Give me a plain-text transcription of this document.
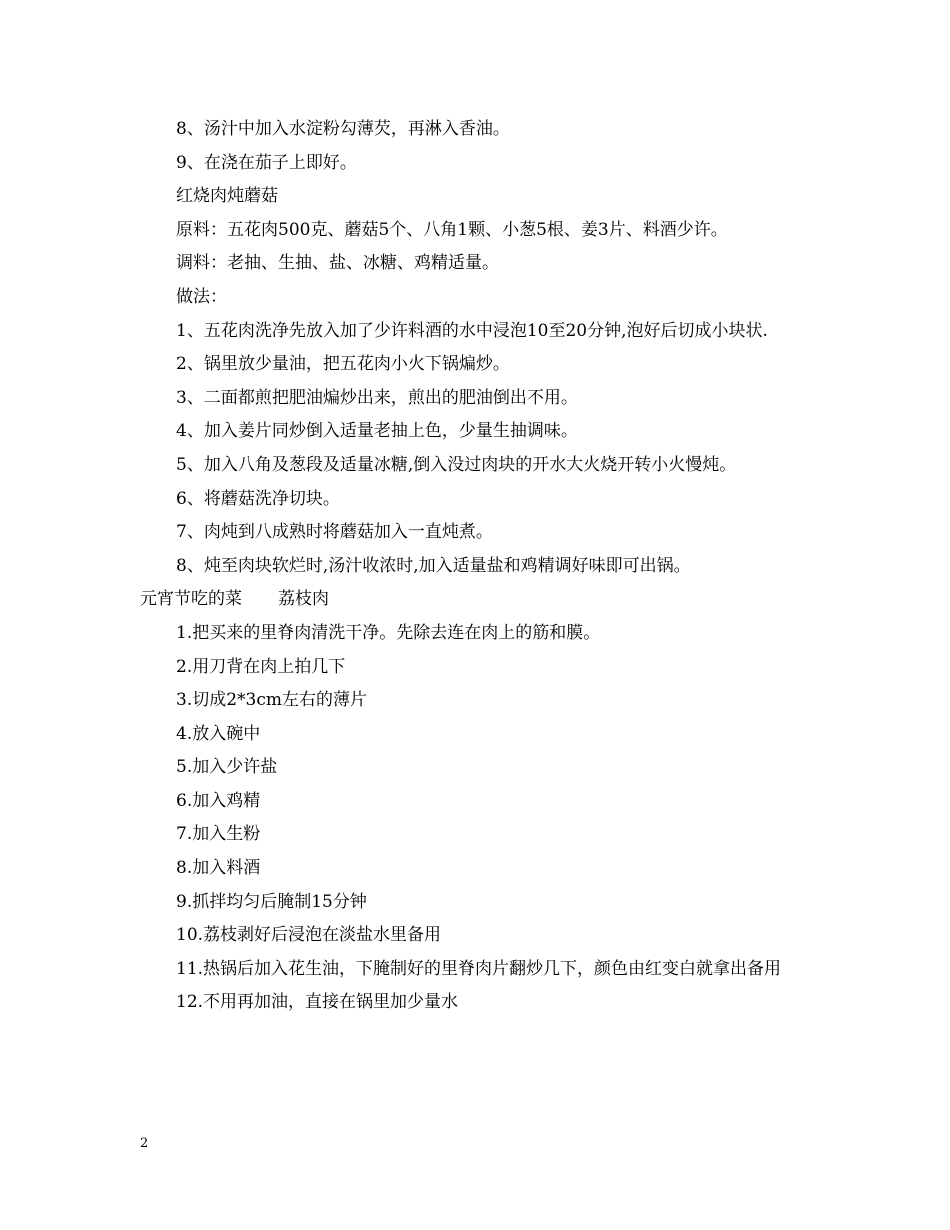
8、汤汁中加入水淀粉勾薄芡，再淋入香油。
9、在浇在茄子上即好。
红烧肉炖蘑菇
原料：五花肉500克、蘑菇5个、八角1颗、小葱5根、姜3片、料酒少许。
调料：老抽、生抽、盐、冰糖、鸡精适量。
做法：
1、五花肉洗净先放入加了少许料酒的水中浸泡10至20分钟,泡好后切成小块状.
2、锅里放少量油，把五花肉小火下锅煸炒。
3、二面都煎把肥油煸炒出来，煎出的肥油倒出不用。
4、加入姜片同炒倒入适量老抽上色，少量生抽调味。
5、加入八角及葱段及适量冰糖,倒入没过肉块的开水大火烧开转小火慢炖。
6、将蘑菇洗净切块。
7、肉炖到八成熟时将蘑菇加入一直炖煮。
8、炖至肉块软烂时,汤汁收浓时,加入适量盐和鸡精调好味即可出锅。
元宵节吃的菜 荔枝肉
1.把买来的里脊肉清洗干净。先除去连在肉上的筋和膜。
2.用刀背在肉上拍几下
3.切成2*3cm左右的薄片
4.放入碗中
5.加入少许盐
6.加入鸡精
7.加入生粉
8.加入料酒
9.抓拌均匀后腌制15分钟
10.荔枝剥好后浸泡在淡盐水里备用
11.热锅后加入花生油，下腌制好的里脊肉片翻炒几下，颜色由红变白就拿出备用
12.不用再加油，直接在锅里加少量水
2
